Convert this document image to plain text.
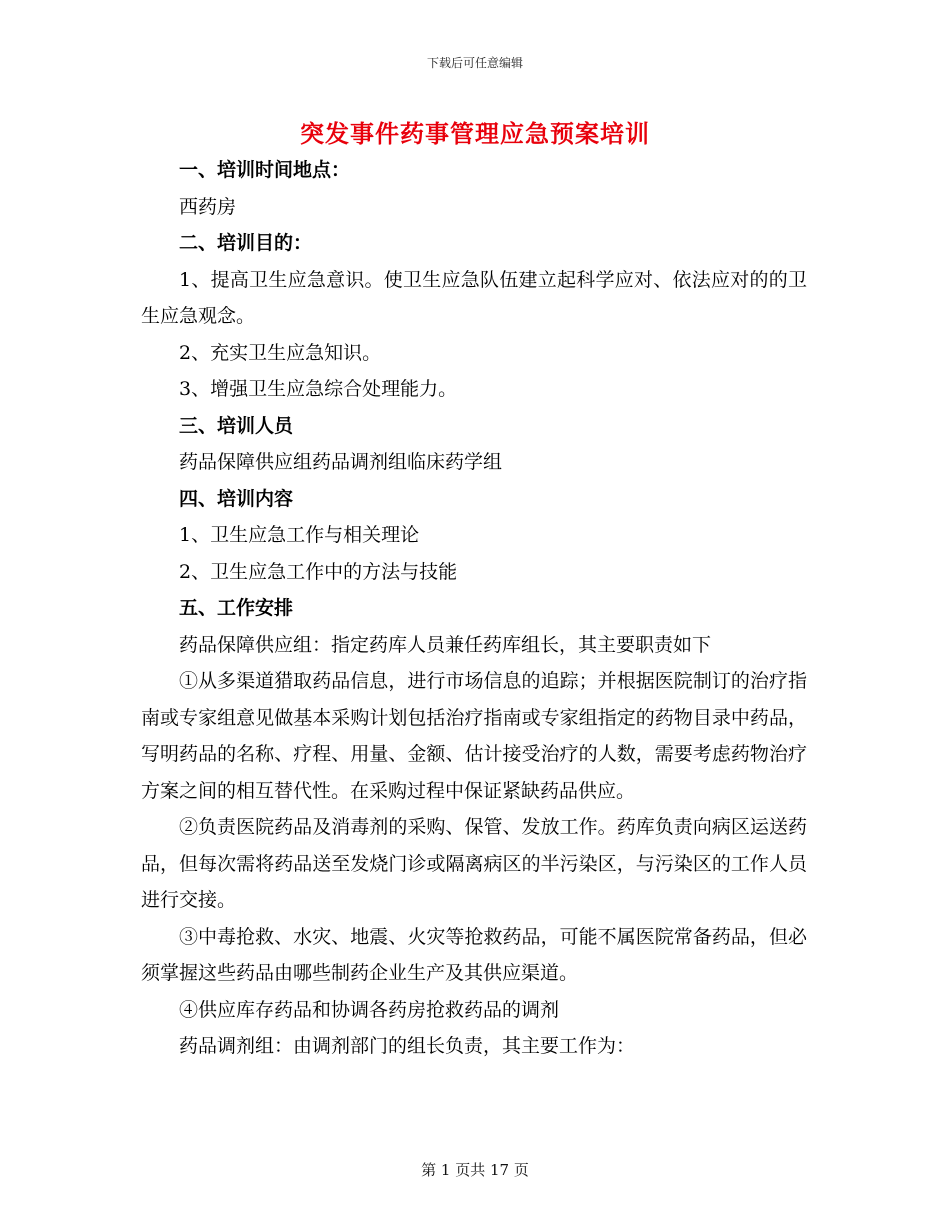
下载后可任意编辑
突发事件药事管理应急预案培训

一、培训时间地点：

西药房

二、培训目的：

1、提高卫生应急意识。使卫生应急队伍建立起科学应对、依法应对的的卫生应急观念。

2、充实卫生应急知识。

3、增强卫生应急综合处理能力。

三、培训人员

药品保障供应组药品调剂组临床药学组

四、培训内容

1、卫生应急工作与相关理论

2、卫生应急工作中的方法与技能

五、工作安排

药品保障供应组：指定药库人员兼任药库组长，其主要职责如下

①从多渠道猎取药品信息，进行市场信息的追踪；并根据医院制订的治疗指南或专家组意见做基本采购计划包括治疗指南或专家组指定的药物目录中药品，写明药品的名称、疗程、用量、金额、估计接受治疗的人数，需要考虑药物治疗方案之间的相互替代性。在采购过程中保证紧缺药品供应。

②负责医院药品及消毒剂的采购、保管、发放工作。药库负责向病区运送药品，但每次需将药品送至发烧门诊或隔离病区的半污染区，与污染区的工作人员进行交接。

③中毒抢救、水灾、地震、火灾等抢救药品，可能不属医院常备药品，但必须掌握这些药品由哪些制药企业生产及其供应渠道。

④供应库存药品和协调各药房抢救药品的调剂

药品调剂组：由调剂部门的组长负责，其主要工作为：

第 1 页共 17 页
